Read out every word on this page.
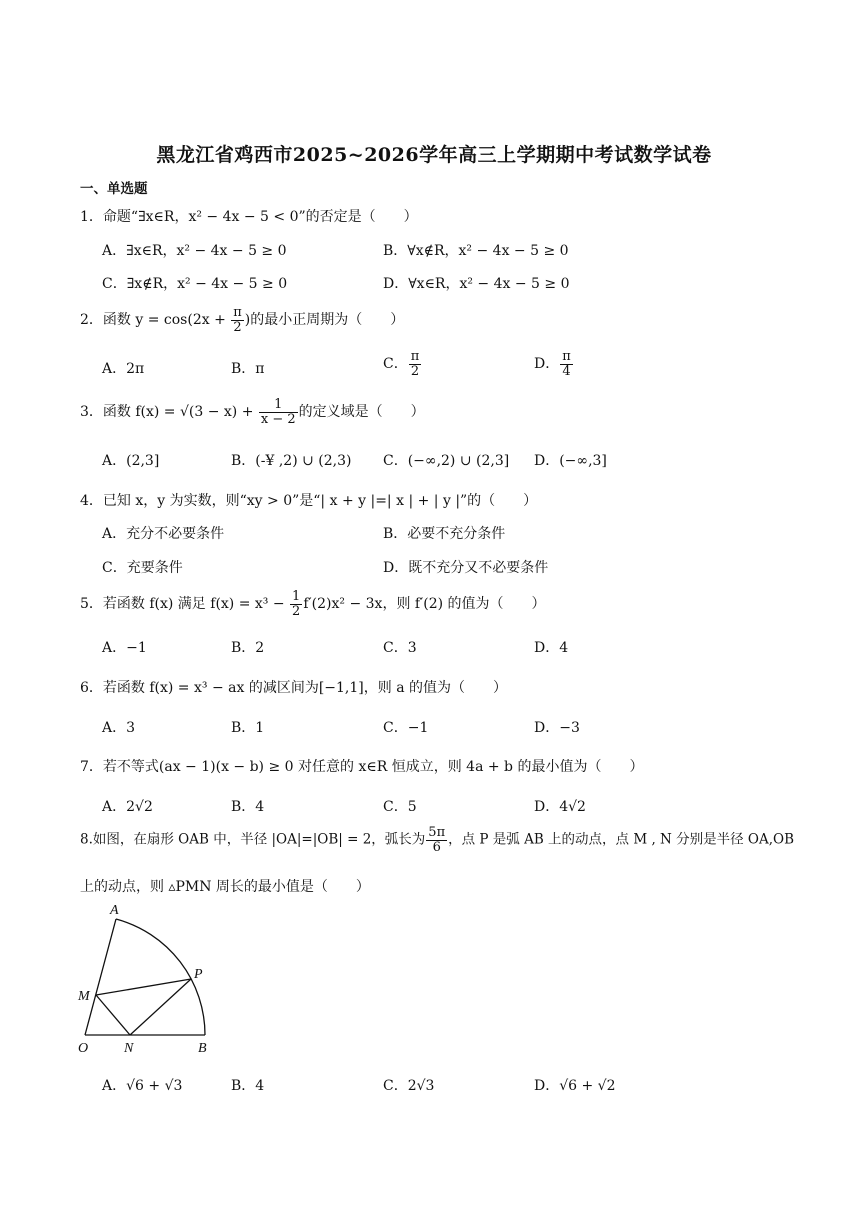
黑龙江省鸡西市2025~2026学年高三上学期期中考试数学试卷
一、单选题
1．命题“∃x∈R，x² − 4x − 5 < 0”的否定是（　　）
A．∃x∈R，x² − 4x − 5 ≥ 0	B．∀x∉R，x² − 4x − 5 ≥ 0
C．∃x∉R，x² − 4x − 5 ≥ 0	D．∀x∈R，x² − 4x − 5 ≥ 0
2．函数 $y = \cos(2x + \frac{\pi}{2}$ )的最小正周期为（　　）
A．2π	B．π	C． $\frac{\pi}{2}$	D． $\frac{\pi}{4}$
3．函数 $f(x) = √(3 - x) + \frac{1}{x - 2}$ 的定义域是（　　）
A．(2,3]	B．(-¥ ,2) ∪ (2,3) C．(−∞,2) ∪ (2,3] D．(−∞,3]
4．已知 x，y 为实数，则“xy > 0”是“| x + y |=| x | + | y |”的（　　）
A．充分不必要条件	B．必要不充分条件
C．充要条件	D．既不充分又不必要条件
5．若函数 f(x) 满足 $f(x) = x^3 - \frac{1}{2} f'(2)x^2 - 3x$，则 f′(2) 的值为（　　）
A．−1	B．2	C．3	D．4
6．若函数 f(x) = x³ − ax 的减区间为[−1,1]，则 a 的值为（　　）
A．3	B．1	C．−1	D．−3
7．若不等式(ax − 1)(x − b) ≥ 0 对任意的 x∈R 恒成立，则 4a + b 的最小值为（　　）
A．2√2	B．4	C．5	D．4√2
8.如图，在扇形 OAB 中，半径 |OA|=|OB| = 2，弧长为 $\frac{5\pi}{6}$ ，点 P 是弧 AB 上的动点，点 M , N 分别是半径 OA,OB
上的动点，则 ▵PMN 周长的最小值是（　　）
A
P
M
O	N	B
A．√6 + √3	B．4	C．2√3	D．√6 + √2
